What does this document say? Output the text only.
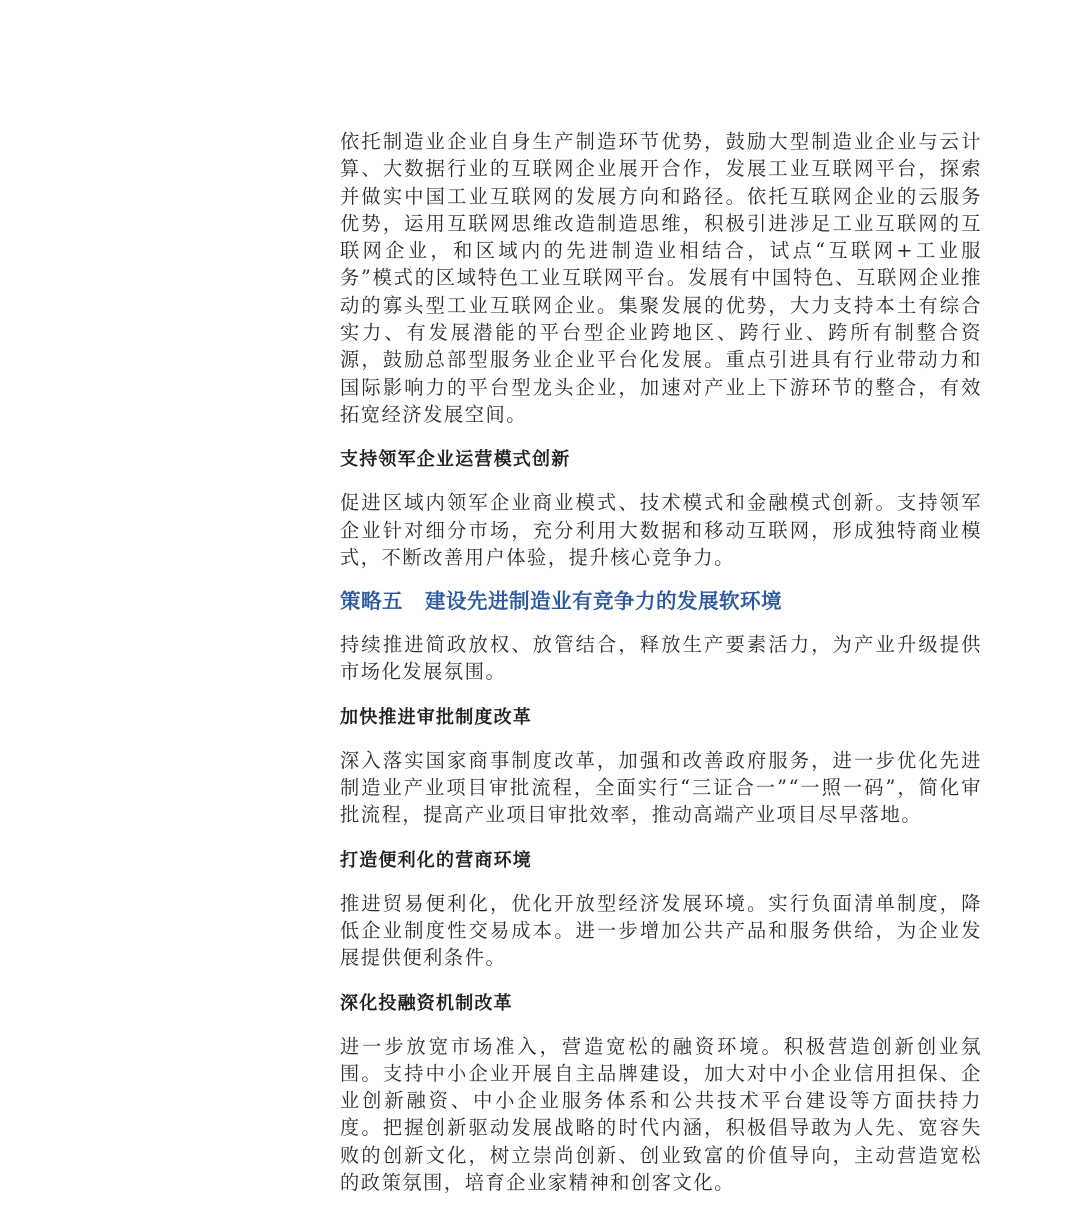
依托制造业企业自身生产制造环节优势，鼓励大型制造业企业与云计算、大数据行业的互联网企业展开合作，发展工业互联网平台，探索并做实中国工业互联网的发展方向和路径。依托互联网企业的云服务优势，运用互联网思维改造制造思维，积极引进涉足工业互联网的互联网企业，和区域内的先进制造业相结合，试点“互联网+工业服务”模式的区域特色工业互联网平台。发展有中国特色、互联网企业推动的寡头型工业互联网企业。集聚发展的优势，大力支持本土有综合实力、有发展潜能的平台型企业跨地区、跨行业、跨所有制整合资源，鼓励总部型服务业企业平台化发展。重点引进具有行业带动力和国际影响力的平台型龙头企业，加速对产业上下游环节的整合，有效拓宽经济发展空间。

支持领军企业运营模式创新

促进区域内领军企业商业模式、技术模式和金融模式创新。支持领军企业针对细分市场，充分利用大数据和移动互联网，形成独特商业模式，不断改善用户体验，提升核心竞争力。

策略五 建设先进制造业有竞争力的发展软环境

持续推进简政放权、放管结合，释放生产要素活力，为产业升级提供市场化发展氛围。

加快推进审批制度改革

深入落实国家商事制度改革，加强和改善政府服务，进一步优化先进制造业产业项目审批流程，全面实行“三证合一”“一照一码”，简化审批流程，提高产业项目审批效率，推动高端产业项目尽早落地。

打造便利化的营商环境

推进贸易便利化，优化开放型经济发展环境。实行负面清单制度，降低企业制度性交易成本。进一步增加公共产品和服务供给，为企业发展提供便利条件。

深化投融资机制改革

进一步放宽市场准入，营造宽松的融资环境。积极营造创新创业氛围。支持中小企业开展自主品牌建设，加大对中小企业信用担保、企业创新融资、中小企业服务体系和公共技术平台建设等方面扶持力度。把握创新驱动发展战略的时代内涵，积极倡导敢为人先、宽容失败的创新文化，树立崇尚创新、创业致富的价值导向，主动营造宽松的政策氛围，培育企业家精神和创客文化。
